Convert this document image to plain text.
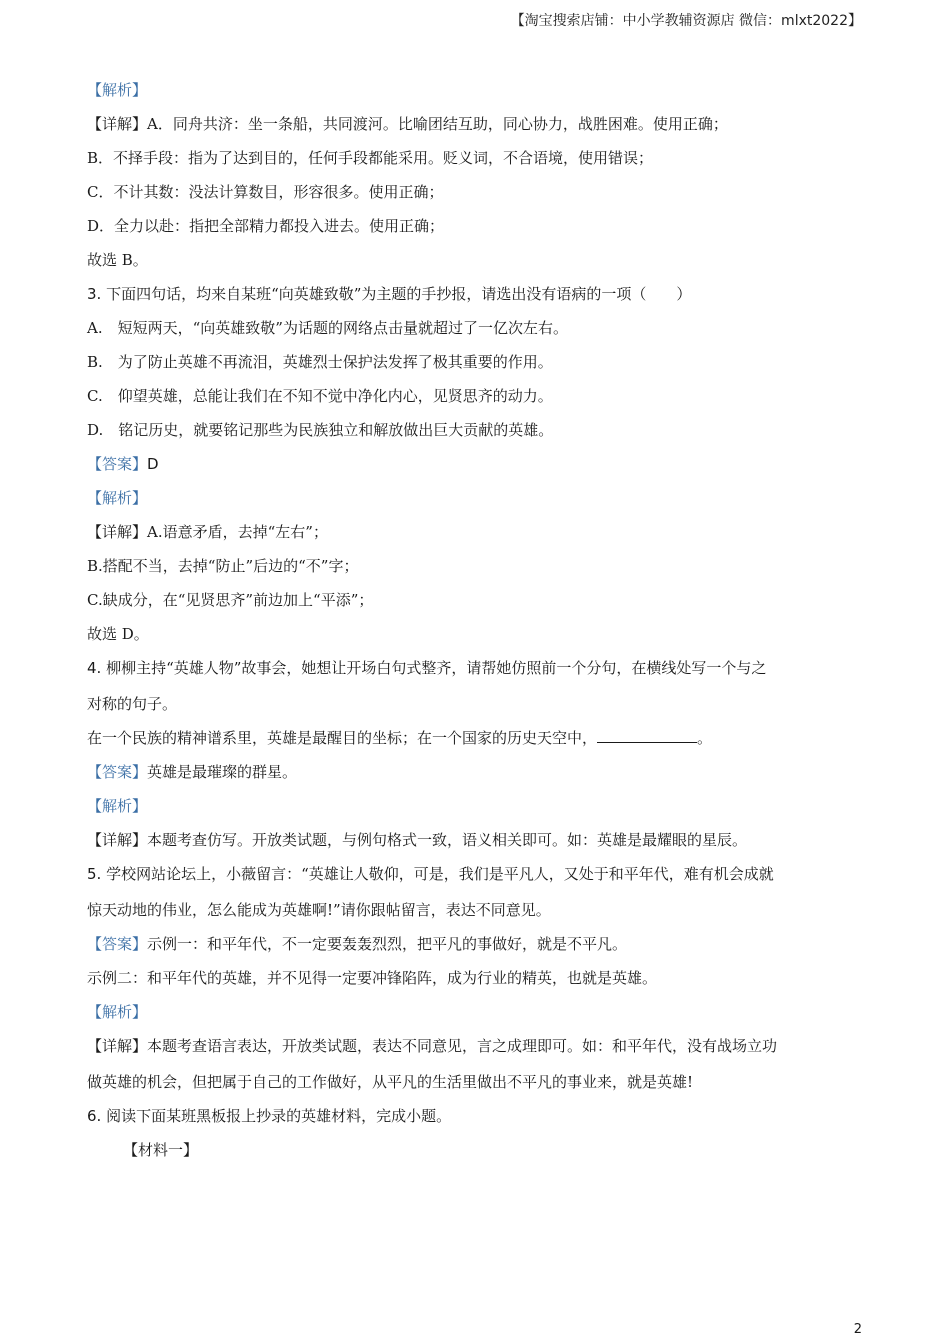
【淘宝搜索店铺：中小学教辅资源店 微信：mlxt2022】
【解析】
【详解】A．同舟共济：坐一条船，共同渡河。比喻团结互助，同心协力，战胜困难。使用正确；
B．不择手段：指为了达到目的，任何手段都能采用。贬义词，不合语境，使用错误；
C．不计其数：没法计算数目，形容很多。使用正确；
D．全力以赴：指把全部精力都投入进去。使用正确；
故选 B。
3. 下面四句话，均来自某班“向英雄致敬”为主题的手抄报，请选出没有语病的一项（　　）
A.　短短两天，“向英雄致敬”为话题的网络点击量就超过了一亿次左右。
B.　为了防止英雄不再流泪，英雄烈士保护法发挥了极其重要的作用。
C.　仰望英雄，总能让我们在不知不觉中净化内心，见贤思齐的动力。
D.　铭记历史，就要铭记那些为民族独立和解放做出巨大贡献的英雄。
【答案】D
【解析】
【详解】A.语意矛盾，去掉“左右”；
B.搭配不当，去掉“防止”后边的“不”字；
C.缺成分，在“见贤思齐”前边加上“平添”；
故选 D。
4. 柳柳主持“英雄人物”故事会，她想让开场白句式整齐，请帮她仿照前一个分句，在横线处写一个与之
对称的句子。
在一个民族的精神谱系里，英雄是最醒目的坐标；在一个国家的历史天空中，	。
【答案】英雄是最璀璨的群星。
【解析】
【详解】本题考查仿写。开放类试题，与例句格式一致，语义相关即可。如：英雄是最耀眼的星辰。
5. 学校网站论坛上，小薇留言：“英雄让人敬仰，可是，我们是平凡人，又处于和平年代，难有机会成就
惊天动地的伟业，怎么能成为英雄啊!”请你跟帖留言，表达不同意见。
【答案】示例一：和平年代，不一定要轰轰烈烈，把平凡的事做好，就是不平凡。
示例二：和平年代的英雄，并不见得一定要冲锋陷阵，成为行业的精英，也就是英雄。
【解析】
【详解】本题考查语言表达，开放类试题，表达不同意见，言之成理即可。如：和平年代，没有战场立功
做英雄的机会，但把属于自己的工作做好，从平凡的生活里做出不平凡的事业来，就是英雄!
6. 阅读下面某班黑板报上抄录的英雄材料，完成小题。
【材料一】
2
